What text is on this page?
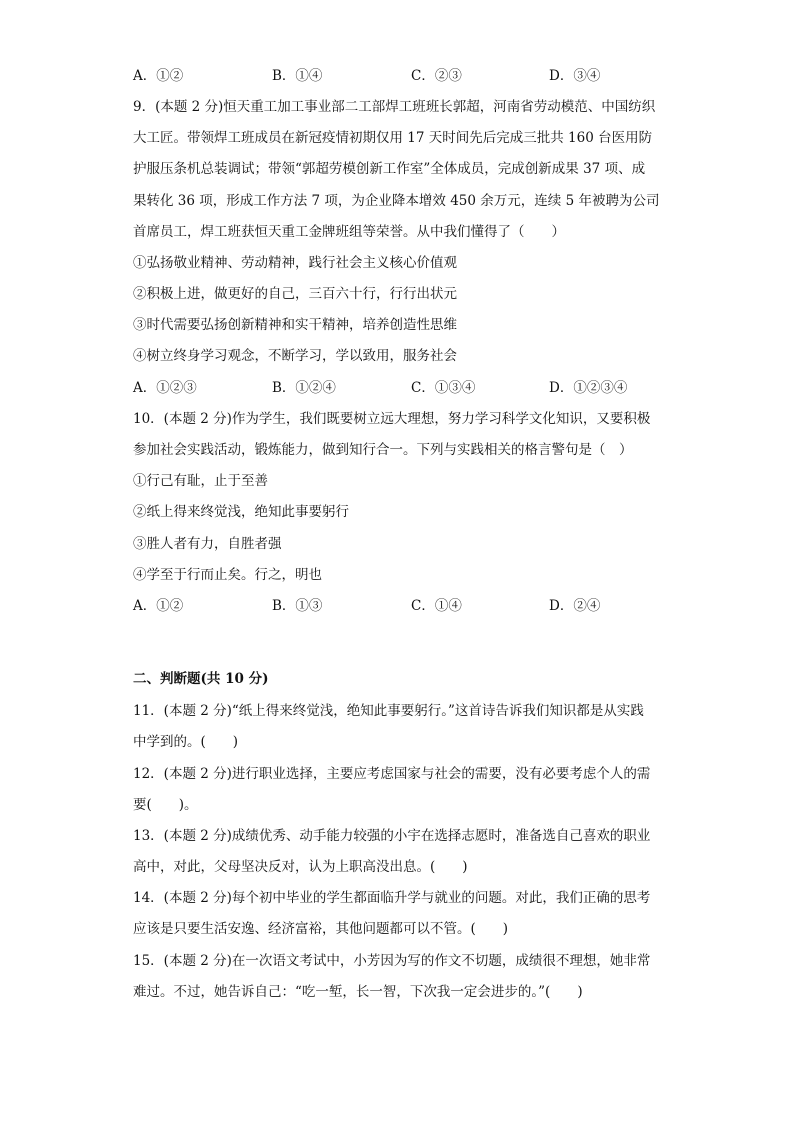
A．①②	B．①④	C．②③	D．③④
9．(本题 2 分)恒天重工加工事业部二工部焊工班班长郭超，河南省劳动模范、中国纺织
大工匠。带领焊工班成员在新冠疫情初期仅用 17 天时间先后完成三批共 160 台医用防
护服压条机总装调试；带领“郭超劳模创新工作室”全体成员，完成创新成果 37 项、成
果转化 36 项，形成工作方法 7 项，为企业降本增效 450 余万元，连续 5 年被聘为公司
首席员工，焊工班获恒天重工金牌班组等荣誉。从中我们懂得了（　　）
①弘扬敬业精神、劳动精神，践行社会主义核心价值观
②积极上进，做更好的自己，三百六十行，行行出状元
③时代需要弘扬创新精神和实干精神，培养创造性思维
④树立终身学习观念，不断学习，学以致用，服务社会
A．①②③	B．①②④	C．①③④	D．①②③④
10．(本题 2 分)作为学生，我们既要树立远大理想，努力学习科学文化知识，又要积极
参加社会实践活动，锻炼能力，做到知行合一。下列与实践相关的格言警句是（　）
①行己有耻，止于至善
②纸上得来终觉浅，绝知此事要躬行
③胜人者有力，自胜者强
④学至于行而止矣。行之，明也
A．①②	B．①③	C．①④	D．②④
二、判断题(共 10 分)
11．(本题 2 分)“纸上得来终觉浅，绝知此事要躬行。”这首诗告诉我们知识都是从实践
中学到的。(　　)
12．(本题 2 分)进行职业选择，主要应考虑国家与社会的需要，没有必要考虑个人的需
要(　　)。
13．(本题 2 分)成绩优秀、动手能力较强的小宇在选择志愿时，准备选自己喜欢的职业
高中，对此，父母坚决反对，认为上职高没出息。(　　)
14．(本题 2 分)每个初中毕业的学生都面临升学与就业的问题。对此，我们正确的思考
应该是只要生活安逸、经济富裕，其他问题都可以不管。(　　)
15．(本题 2 分)在一次语文考试中，小芳因为写的作文不切题，成绩很不理想，她非常
难过。不过，她告诉自己：“吃一堑，长一智，下次我一定会进步的。”(　　)
